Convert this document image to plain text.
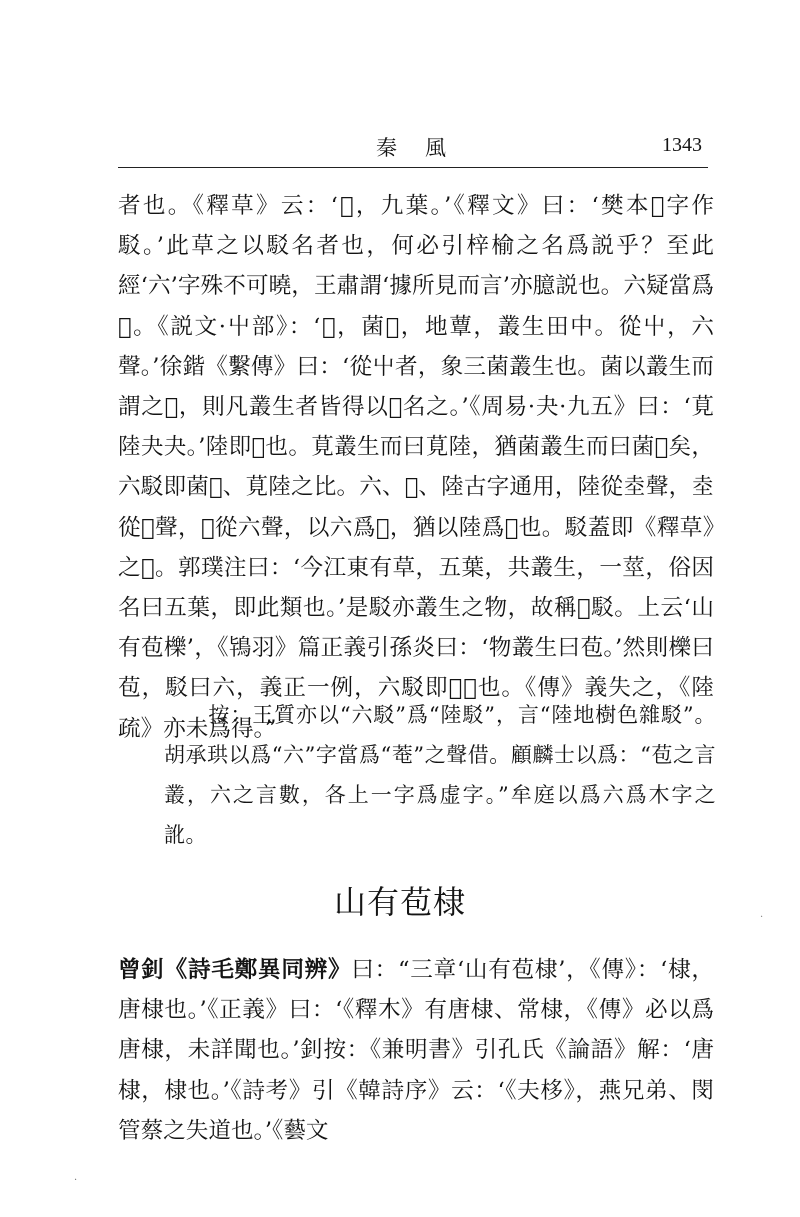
秦 風	1343

者也。《釋草》云：‘𦫵，九葉。’《釋文》曰：‘樊本𦫵字作駁。’此草之以駁名者也，何必引梓榆之名爲説乎？至此經‘六’字殊不可曉，王肅謂‘據所見而言’亦臆説也。六疑當爲𡵂。《説文·屮部》：‘𡵂，菌𡵂，地蕈，叢生田中。從屮，六聲。’徐鍇《繫傳》曰：‘從屮者，象三菌叢生也。菌以叢生而謂之𡵂，則凡叢生者皆得以𡵂名之。’《周易·夬·九五》曰：‘莧陸夬夬。’陸即𡵂也。莧叢生而曰莧陸，猶菌叢生而曰菌𡵂矣，六駁即菌𡵂、莧陸之比。六、𡵂、陸古字通用，陸從坴聲，坴從𡵂聲，𡵂從六聲，以六爲𡵂，猶以陸爲𡵂也。駁蓋即《釋草》之𦫵。郭璞注曰：‘今江東有草，五葉，共叢生，一莖，俗因名曰五葉，即此類也。’是駁亦叢生之物，故稱𡵂駁。上云‘山有苞櫟’，《鴇羽》篇正義引孫炎曰：‘物叢生曰苞。’然則櫟曰苞，駁曰六，義正一例，六駁即𡵂𦫵也。《傳》義失之，《陸疏》亦未爲得。”

按：王質亦以“六駁”爲“陸駁”，言“陸地樹色雜駁”。胡承珙以爲“六”字當爲“䓐”之聲借。顧麟士以爲：“苞之言叢，六之言數，各上一字爲虚字。”牟庭以爲六爲木字之訛。

山有苞棣

曾釗《詩毛鄭異同辨》曰：“三章‘山有苞棣’，《傳》：‘棣，唐棣也。’《正義》曰：‘《釋木》有唐棣、常棣，《傳》必以爲唐棣，未詳聞也。’釗按：《兼明書》引孔氏《論語》解：‘唐棣，棣也。’《詩考》引《韓詩序》云：‘《夫栘》，燕兄弟、閔管蔡之失道也。’《藝文

·
·
